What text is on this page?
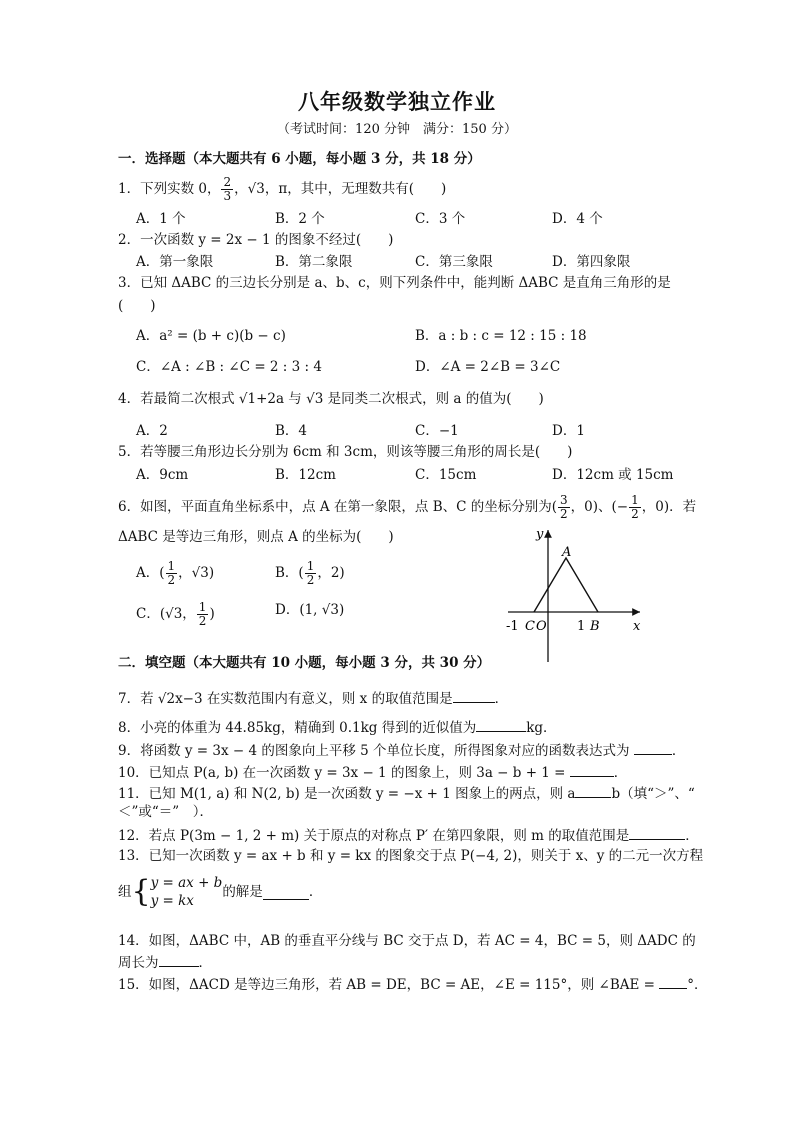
八年级数学独立作业
（考试时间：120 分钟　满分：150 分）
一．选择题（本大题共有 6 小题，每小题 3 分，共 18 分）
1．下列实数 0， $\frac{2}{3}$ ，√3，π，其中，无理数共有(　　)
A．1 个	B．2 个	C．3 个	D．4 个
2．一次函数 y = 2x − 1 的图象不经过(　　)
A．第一象限	B．第二象限	C．第三象限	D．第四象限
3．已知 ΔABC 的三边长分别是 a、b、c，则下列条件中，能判断 ΔABC 是直角三角形的是
(　　)
A．a² = (b + c)(b − c)	B．a : b : c = 12 : 15 : 18
C．∠A : ∠B : ∠C = 2 : 3 : 4	D．∠A = 2∠B = 3∠C
4．若最简二次根式 √1+2a 与 √3 是同类二次根式，则 a 的值为(　　)
A．2	B．4	C．−1	D．1
5．若等腰三角形边长分别为 6cm 和 3cm，则该等腰三角形的周长是(　　)
A．9cm	B．12cm	C．15cm	D．12cm 或 15cm
6．如图，平面直角坐标系中，点 A 在第一象限，点 B、C 的坐标分别为( $\frac{3}{2}$ ，0)、(− $\frac{1}{2}$ ，0)．若
ΔABC 是等边三角形，则点 A 的坐标为(　　)
A．( $\frac{1}{2}$ ，√3)	B．( $\frac{1}{2}$ ，2)
C．(√3， $\frac{1}{2}$ )	D．(1, √3)
y
x
A
-1 C O 1 B
二．填空题（本大题共有 10 小题，每小题 3 分，共 30 分）
7．若 √2x−3 在实数范围内有意义，则 x 的取值范围是	．
8．小亮的体重为 44.85kg，精确到 0.1kg 得到的近似值为	kg．
9．将函数 y = 3x − 4 的图象向上平移 5 个单位长度，所得图象对应的函数表达式为	．
10．已知点 P(a, b) 在一次函数 y = 3x − 1 的图象上，则 3a − b + 1 =	．
11．已知 M(1, a) 和 N(2, b) 是一次函数 y = −x + 1 图象上的两点，则 a	b（填“＞”、“
＜”或“＝”　）．
12．若点 P(3m − 1, 2 + m) 关于原点的对称点 P′ 在第四象限，则 m 的取值范围是	．
13．已知一次函数 y = ax + b 和 y = kx 的图象交于点 P(−4, 2)，则关于 x、y 的二元一次方程
组{ y = ax + b
y = kx
的解是	．
14．如图，ΔABC 中，AB 的垂直平分线与 BC 交于点 D，若 AC = 4，BC = 5，则 ΔADC 的
周长为	．
15．如图，ΔACD 是等边三角形，若 AB = DE，BC = AE，∠E = 115°，则 ∠BAE = °．
